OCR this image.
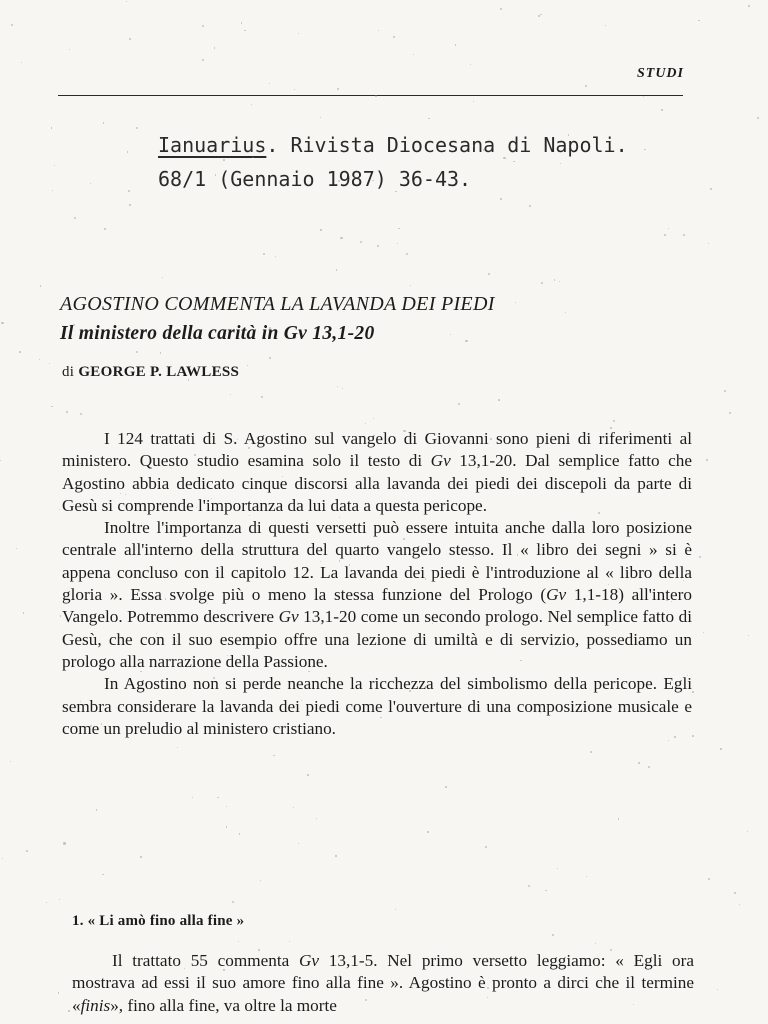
STUDI
Ianuarius. Rivista Diocesana di Napoli.
68/1 (Gennaio 1987) 36-43.
AGOSTINO COMMENTA LA LAVANDA DEI PIEDI
Il ministero della carità in Gv 13,1-20
di GEORGE P. LAWLESS

I 124 trattati di S. Agostino sul vangelo di Giovanni sono pieni di riferimenti al ministero. Questo studio esamina solo il testo di Gv 13,1-20. Dal semplice fatto che Agostino abbia dedicato cinque discorsi alla lavanda dei piedi dei discepoli da parte di Gesù si comprende l'importanza da lui data a questa pericope.

Inoltre l'importanza di questi versetti può essere intuita anche dalla loro posizione centrale all'interno della struttura del quarto vangelo stesso. Il « libro dei segni » si è appena concluso con il capitolo 12. La lavanda dei piedi è l'introduzione al « libro della gloria ». Essa svolge più o meno la stessa funzione del Prologo (Gv 1,1-18) all'intero Vangelo. Potremmo descrivere Gv 13,1-20 come un secondo prologo. Nel semplice fatto di Gesù, che con il suo esempio offre una lezione di umiltà e di servizio, possediamo un prologo alla narrazione della Passione.

In Agostino non si perde neanche la ricchezza del simbolismo della pericope. Egli sembra considerare la lavanda dei piedi come l'ouverture di una composizione musicale e come un preludio al ministero cristiano.

1. « Li amò fino alla fine »

Il trattato 55 commenta Gv 13,1-5. Nel primo versetto leggiamo: « Egli ora mostrava ad essi il suo amore fino alla fine ». Agostino è pronto a dirci che il termine «finis», fino alla fine, va oltre la morte
